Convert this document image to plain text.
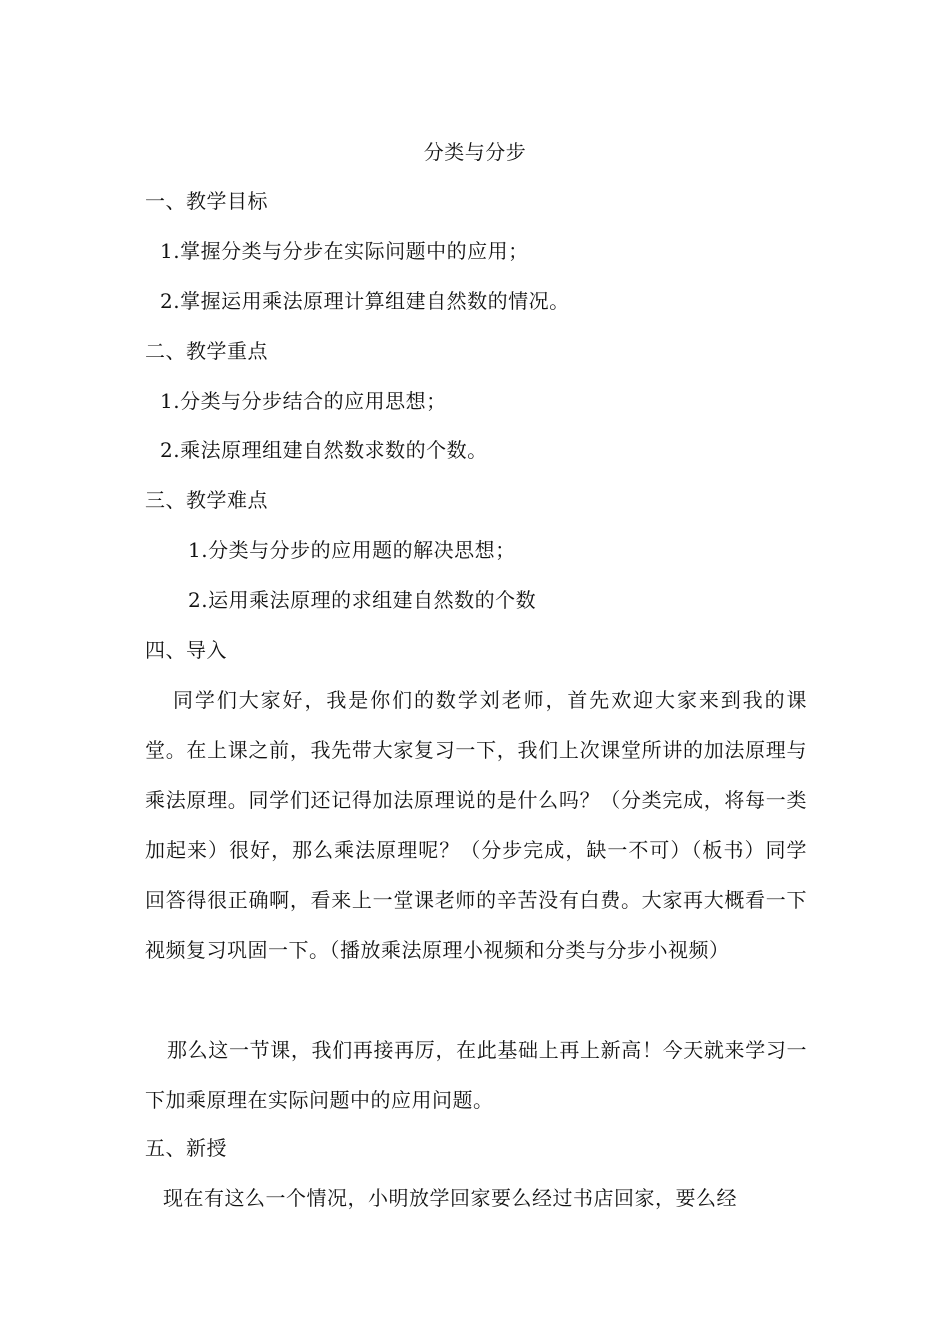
分类与分步
一、教学目标
1.掌握分类与分步在实际问题中的应用；
2.掌握运用乘法原理计算组建自然数的情况。
二、教学重点
1.分类与分步结合的应用思想；
2.乘法原理组建自然数求数的个数。
三、教学难点
1.分类与分步的应用题的解决思想；
2.运用乘法原理的求组建自然数的个数
四、导入
同学们大家好，我是你们的数学刘老师，首先欢迎大家来到我的课堂。在上课之前，我先带大家复习一下，我们上次课堂所讲的加法原理与乘法原理。同学们还记得加法原理说的是什么吗？（分类完成，将每一类加起来）很好，那么乘法原理呢？（分步完成，缺一不可）（板书）同学回答得很正确啊，看来上一堂课老师的辛苦没有白费。大家再大概看一下视频复习巩固一下。（播放乘法原理小视频和分类与分步小视频）
那么这一节课，我们再接再厉，在此基础上再上新高！今天就来学习一下加乘原理在实际问题中的应用问题。
五、新授
现在有这么一个情况，小明放学回家要么经过书店回家，要么经
